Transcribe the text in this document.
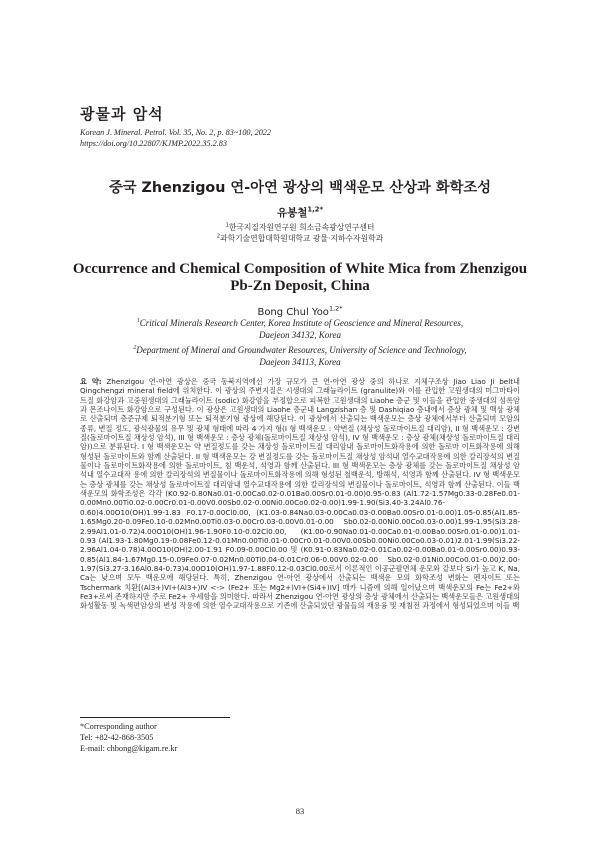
광물과 암석
Korean J. Mineral. Petrol. Vol. 35, No. 2, p. 83~100, 2022
https://doi.org/10.22807/KJMP.2022.35.2.83
중국 Zhenzigou 연-아연 광상의 백색운모 산상과 화학조성
유봉철$^{1,2*}$
$^1$한국지질자원연구원 희소금속광상연구센터
$^2$과학기술연합대학원대학교 광물·지하수자원학과
Occurrence and Chemical Composition of White Mica from Zhenzigou Pb-Zn Deposit, China
Bong Chul Yoo$^{1,2*}$

$^1$Critical Minerals Research Center, Korea Institute of Geoscience and Mineral Resources,

Daejeon 34132, Korea

$^2$Department of Mineral and Groundwater Resources, University of Science and Technology,

Daejeon 34113, Korea

요 약: Zhenzigou 연-아연 광상은 중국 동북지역에선 가장 규모가 큰 연-아연 광상 중의 하나로 지체구조상 Jiao Liao Ji belt내 Qingchengzi mineral field에 위치한다. 이 광상의 주변지질은 시생대의 그래뉼라이트 (granulite)와 이를 관입한 고원생대의 미그마타이트질 화강암과 고중원생대의 그래뉼라이트 (sodic) 화강암을 부정합으로 피복한 고원생대의 Liaohe 층군 및 이들을 관입한 중생대의 섬록암과 몬조나이트 화강암으로 구성된다. 이 광상은 고원생대의 Liaohe 층군내 Langzishan 층 및 Dashiqiao 층내에서 층상 광체 및 맥상 광체로 산출되며 층준규제 퇴적분기형 또는 퇴적분기형 광상에 해당된다. 이 광상에서 산출되는 백색운모는 층상 광체에서부터 산출되며 모암의 종류, 변질 정도, 광석광물의 유무 및 광체 형태에 따라 4 가지 형(I 형 백색운모 : 약변질 (채상성 돌로마이트질 대리암), II 형 백색운모 : 강변질(돌로마이트질 채상성 암석), III 형 백색운모 : 층상 광체(돌로마이트질 채상성 암석), IV 형 백색운모 : 층상 광체(채상성 돌로마이트질 대리암))으로 분류된다. I 형 백색운모는 약 변질정도를 갖는 채상성 돌로마이트질 대리암내 돌로마이트화작용에 의한 돌로마 이트화작용에 의해 형성된 돌로마이트와 함께 산출된다. II 형 백색운모는 강 변질정도를 갖는 돌로마이트질 채상성 암석내 열수교대작용에 의한 칼리장석의 변질물이나 돌로마이트화작용에 의한 돌로마이트, 침 백운석, 석영과 함께 산출된다. III 형 백색운모는 층상 광체를 갖는 돌로마이트질 채상성 암석내 열수교대작 용에 의한 칼리장석의 변질물이나 돌로마이트화작용에 의해 형성된 철백운석, 방해석, 석영과 함께 산출된다. IV 형 백색운모는 층상 광체를 갖는 채상성 돌로마이트질 대리암내 열수교대작용에 의한 칼리장석의 변질물이나 돌로마이트, 석영과 함께 산출된다. 이들 백색운모의 화학조성은 각각 (K0.92-0.80Na0.01-0.00Ca0.02-0.01Ba0.00Sr0.01-0.00)0.95-0.83 (Al1.72-1.57Mg0.33-0.28Fe0.01-0.00Mn0.00Ti0.02-0.00Cr0.01-0.00V0.00Sb0.02-0.00Ni0.00Co0.02-0.00)1.99-1.90(Si3.40-3.24Al0.76-0.60)4.00O10(OH)1.99-1.83 F0.17-0.00Cl0.00, (K1.03-0.84Na0.03-0.00Ca0.03-0.00Ba0.00Sr0.01-0.00)1.05-0.85(Al1.85-1.65Mg0.20-0.09Fe0.10-0.02Mn0.00Ti0.03-0.00Cr0.03-0.00V0.01-0.00 Sb0.02-0.00Ni0.00Co0.03-0.00)1.99-1.95(Si3.28-2.99Al1.01-0.72)4.00O10(OH)1.96-1.90F0.10-0.02Cl0.00, (K1.00-0.90Na0.01-0.00Ca0.01-0.00Ba0.00Sr0.01-0.00)1.01-0.93 (Al1.93-1.80Mg0.19-0.08Fe0.12-0.01Mn0.00Ti0.01-0.00Cr0.01-0.00V0.00Sb0.00Ni0.00Co0.03-0.01)2.01-1.99(Si3.22-2.96Al1.04-0.78)4.00O10(OH)2.00-1.91 F0.09-0.00Cl0.00 및 (K0.91-0.83Na0.02-0.01Ca0.02-0.00Ba0.01-0.00Sr0.00)0.93-0.85(Al1.84-1.67Mg0.15-0.09Fe0.07-0.02Mn0.00Ti0.04-0.01Cr0.06-0.00V0.02-0.00 Sb0.02-0.01Ni0.00Co0.01-0.00)2.00-1.97(Si3.27-3.16Al0.84-0.73)4.00O10(OH)1.97-1.88F0.12-0.03Cl0.00로서 이론적인 이공군팔면체 운모와 같보다 Si가 높고 K, Na, Ca는 낮으며 모두 백운모에 해당된다. 특히, Zhenzigou 연-아연 광상에서 산출되는 백색운 모의 화학조성 변화는 펜자이트 또는 Tschermark 치환[(Al3+)VI+(Al3+)IV <-> (Fe2+ 또는 Mg2+)VI+(Si4+)IV] 매카 니즘에 의해 일어났으며 백색운모의 Fe는 Fe2+와 Fe3+로써 존재하지만 주로 Fe2+ 우세함을 의미한다. 따라서 Zhenzigou 연-아연 광상의 층상 광체에서 산출되는 백색운모들은 고원생대의 화성활동 및 녹색편암상의 변성 작용에 의한 열수교대작용으로 기존에 산출되었던 광물들의 재용융 및 재침전 과정에서 형성되었으며 이들 백
*Corresponding author
Tel: +82-42-868-3505
E-mail: chbong@kigam.re.kr
83
